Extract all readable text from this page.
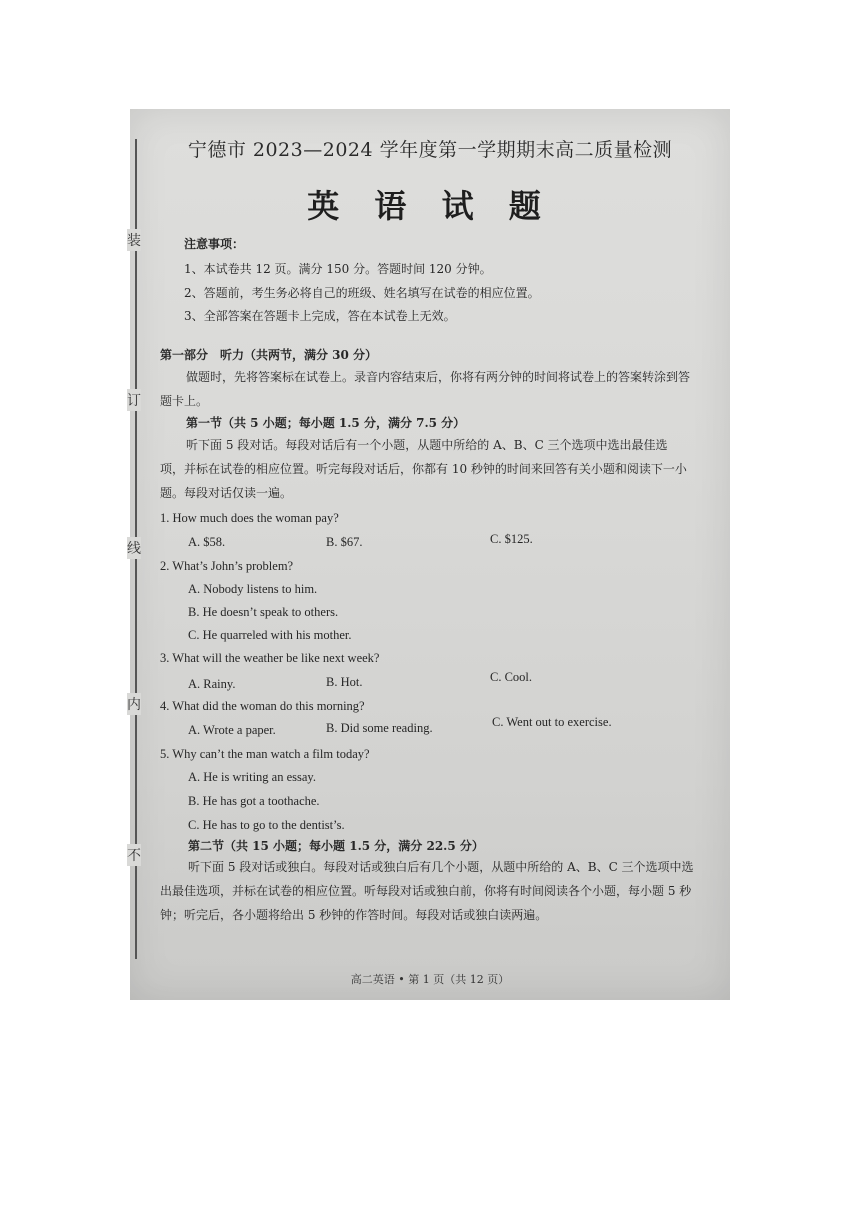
装
订
线
内
不
宁德市 2023—2024 学年度第一学期期末高二质量检测
英 语 试 题
注意事项：
1、本试卷共 12 页。满分 150 分。答题时间 120 分钟。
2、答题前，考生务必将自己的班级、姓名填写在试卷的相应位置。
3、全部答案在答题卡上完成，答在本试卷上无效。
第一部分　听力（共两节，满分 30 分）
做题时，先将答案标在试卷上。录音内容结束后，你将有两分钟的时间将试卷上的答案转涂到答题卡上。
第一节（共 5 小题；每小题 1.5 分，满分 7.5 分）
听下面 5 段对话。每段对话后有一个小题，从题中所给的 A、B、C 三个选项中选出最佳选项，并标在试卷的相应位置。听完每段对话后，你都有 10 秒钟的时间来回答有关小题和阅读下一小题。每段对话仅读一遍。
1. How much does the woman pay?
A. $58.	B. $67.	C. $125.
2. What’s John’s problem?
A. Nobody listens to him.
B. He doesn’t speak to others.
C. He quarreled with his mother.
3. What will the weather be like next week?
A. Rainy.	B. Hot.	C. Cool.
4. What did the woman do this morning?
A. Wrote a paper.	B. Did some reading.	C. Went out to exercise.
5. Why can’t the man watch a film today?
A. He is writing an essay.
B. He has got a toothache.
C. He has to go to the dentist’s.
第二节（共 15 小题；每小题 1.5 分，满分 22.5 分）
听下面 5 段对话或独白。每段对话或独白后有几个小题，从题中所给的 A、B、C 三个选项中选出最佳选项，并标在试卷的相应位置。听每段对话或独白前，你将有时间阅读各个小题，每小题 5 秒钟；听完后，各小题将给出 5 秒钟的作答时间。每段对话或独白读两遍。
高二英语 • 第 1 页（共 12 页）
